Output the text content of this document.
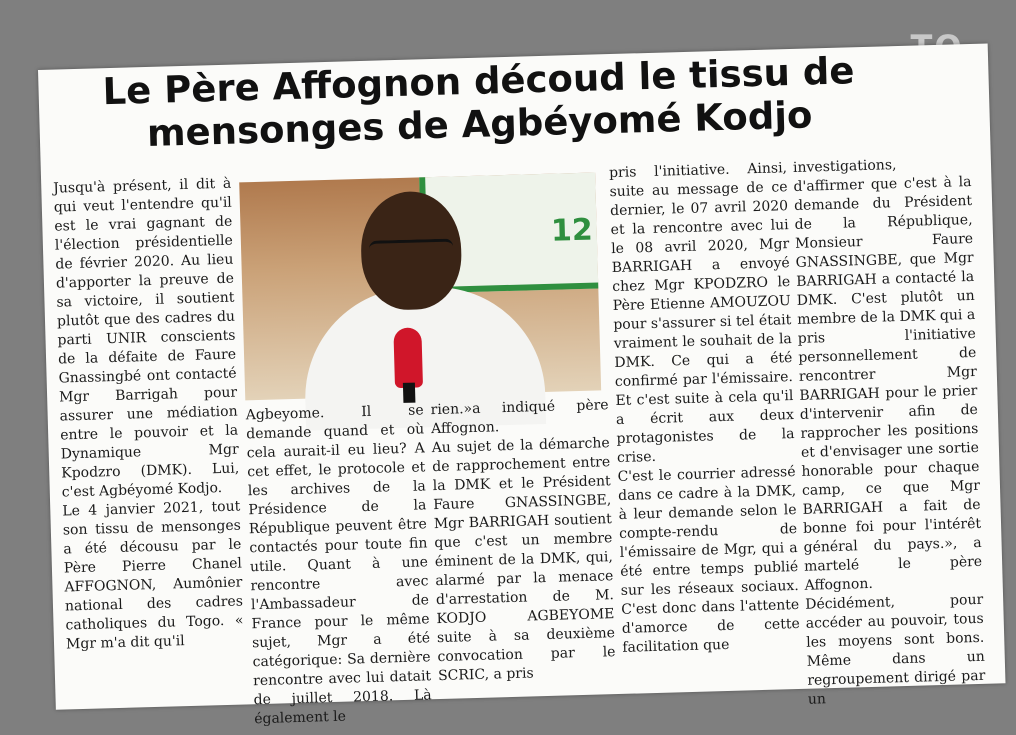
Le Père Affognon découd le tissu de mensonges de Agbéyomé Kodjo

Jusqu'à présent, il dit à qui veut l'entendre qu'il est le vrai gagnant de l'élection présidentielle de février 2020. Au lieu d'apporter la preuve de sa victoire, il soutient plutôt que des cadres du parti UNIR conscients de la défaite de Faure Gnassingbé ont contacté Mgr Barrigah pour assurer une médiation entre le pouvoir et la Dynamique Mgr Kpodzro (DMK). Lui, c'est Agbéyomé Kodjo.

Le 4 janvier 2021, tout son tissu de mensonges a été décousu par le Père Pierre Chanel AFFOGNON, Aumônier national des cadres catholiques du Togo. « Mgr m'a dit qu'il

12

Agbeyome. Il se demande quand et où cela aurait-il eu lieu? A cet effet, le protocole et les archives de la Présidence de la République peuvent être contactés pour toute fin utile. Quant à une rencontre avec l'Ambassadeur de France pour le même sujet, Mgr a été catégorique: Sa dernière rencontre avec lui datait de juillet 2018. Là également le

rien.»a indiqué père Affognon.

Au sujet de la démarche de rapprochement entre la DMK et le Président Faure GNASSINGBE, Mgr BARRIGAH soutient que c'est un membre éminent de la DMK, qui, alarmé par la menace d'arrestation de M. KODJO AGBEYOME suite à sa deuxième convocation par le SCRIC, a pris

pris l'initiative. Ainsi, suite au message de ce dernier, le 07 avril 2020 et la rencontre avec lui le 08 avril 2020, Mgr BARRIGAH a envoyé chez Mgr KPODZRO le Père Etienne AMOUZOU pour s'assurer si tel était vraiment le souhait de la DMK. Ce qui a été confirmé par l'émissaire. Et c'est suite à cela qu'il a écrit aux deux protagonistes de la crise.

C'est le courrier adressé dans ce cadre à la DMK, à leur demande selon le compte-rendu de l'émissaire de Mgr, qui a été entre temps publié sur les réseaux sociaux. C'est donc dans l'attente d'amorce de cette facilitation que

investigations, d'affirmer que c'est à la demande du Président de la République, Monsieur Faure GNASSINGBE, que Mgr BARRIGAH a contacté la DMK. C'est plutôt un membre de la DMK qui a pris l'initiative personnellement de rencontrer Mgr BARRIGAH pour le prier d'intervenir afin de rapprocher les positions et d'envisager une sortie honorable pour chaque camp, ce que Mgr BARRIGAH a fait de bonne foi pour l'intérêt général du pays.», a martelé le père Affognon.

Décidément, pour accéder au pouvoir, tous les moyens sont bons. Même dans un regroupement dirigé par un
